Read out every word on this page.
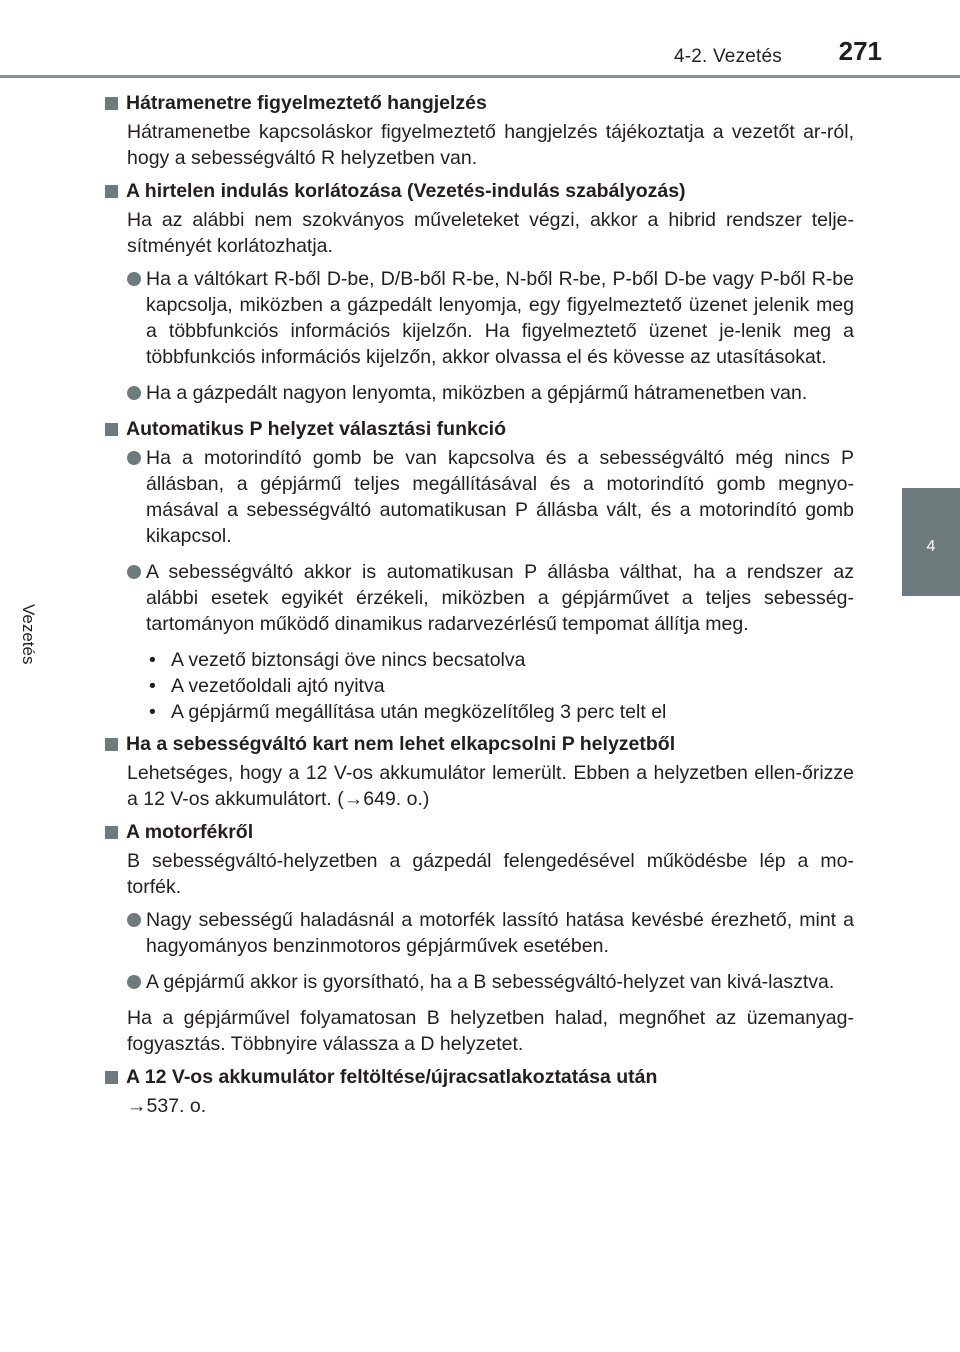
4-2. Vezetés 271
4
Vezetés
Hátramenetre figyelmeztető hangjelzés

Hátramenetbe kapcsoláskor figyelmeztető hangjelzés tájékoztatja a vezetőt ar-ról, hogy a sebességváltó R helyzetben van.

A hirtelen indulás korlátozása (Vezetés-indulás szabályozás)

Ha az alábbi nem szokványos műveleteket végzi, akkor a hibrid rendszer telje-sítményét korlátozhatja.

Ha a váltókart R-ből D-be, D/B-ből R-be, N-ből R-be, P-ből D-be vagy P-ből R-be kapcsolja, miközben a gázpedált lenyomja, egy figyelmeztető üzenet jelenik meg a többfunkciós információs kijelzőn. Ha figyelmeztető üzenet je-lenik meg a többfunkciós információs kijelzőn, akkor olvassa el és kövesse az utasításokat.
Ha a gázpedált nagyon lenyomta, miközben a gépjármű hátramenetben van.
Automatikus P helyzet választási funkció
Ha a motorindító gomb be van kapcsolva és a sebességváltó még nincs P állásban, a gépjármű teljes megállításával és a motorindító gomb megnyo-másával a sebességváltó automatikusan P állásba vált, és a motorindító gomb kikapcsol.
A sebességváltó akkor is automatikusan P állásba válthat, ha a rendszer az alábbi esetek egyikét érzékeli, miközben a gépjárművet a teljes sebesség-tartományon működő dinamikus radarvezérlésű tempomat állítja meg.
• A vezető biztonsági öve nincs becsatolva
• A vezetőoldali ajtó nyitva
• A gépjármű megállítása után megközelítőleg 3 perc telt el
Ha a sebességváltó kart nem lehet elkapcsolni P helyzetből

Lehetséges, hogy a 12 V-os akkumulátor lemerült. Ebben a helyzetben ellen-őrizze a 12 V-os akkumulátort. (→649. o.)

A motorfékről

B sebességváltó-helyzetben a gázpedál felengedésével működésbe lép a mo-torfék.

Nagy sebességű haladásnál a motorfék lassító hatása kevésbé érezhető, mint a hagyományos benzinmotoros gépjárművek esetében.
A gépjármű akkor is gyorsítható, ha a B sebességváltó-helyzet van kivá-lasztva.

Ha a gépjárművel folyamatosan B helyzetben halad, megnőhet az üzemanyag-fogyasztás. Többnyire válassza a D helyzetet.

A 12 V-os akkumulátor feltöltése/újracsatlakoztatása után

→537. o.
